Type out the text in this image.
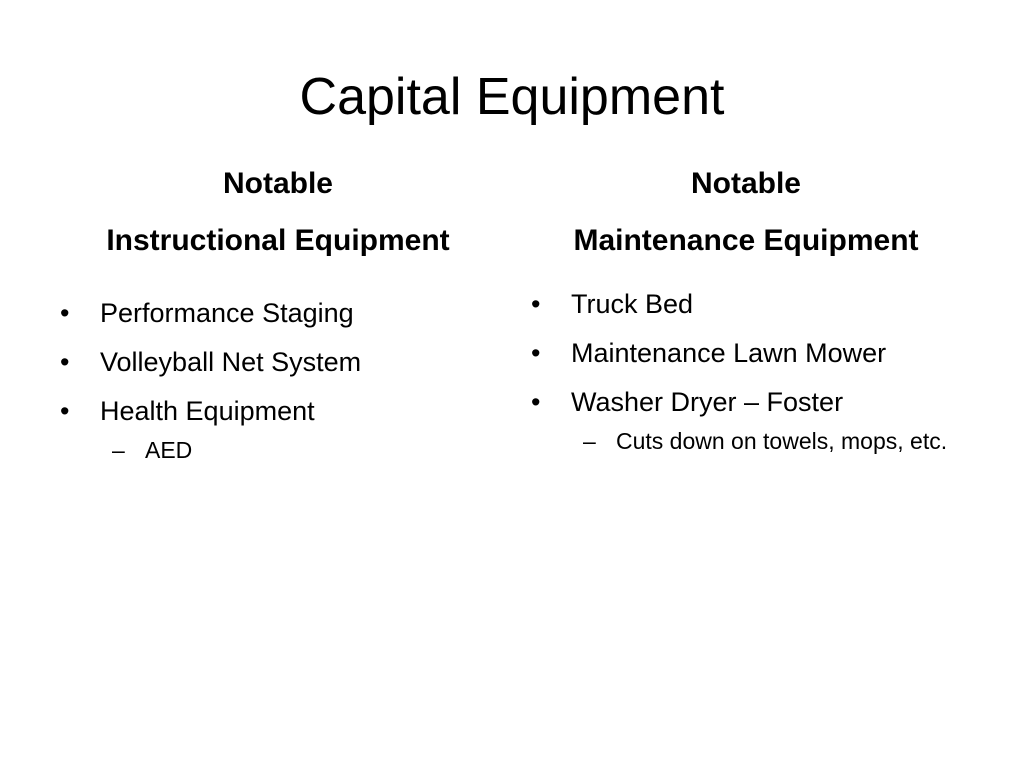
Capital Equipment
Notable
Instructional Equipment
Notable
Maintenance Equipment
•	Performance Staging
•	Volleyball Net System
•	Health Equipment
– AED
•	Truck Bed
•	Maintenance Lawn Mower
•	Washer Dryer – Foster
– Cuts down on towels, mops, etc.
